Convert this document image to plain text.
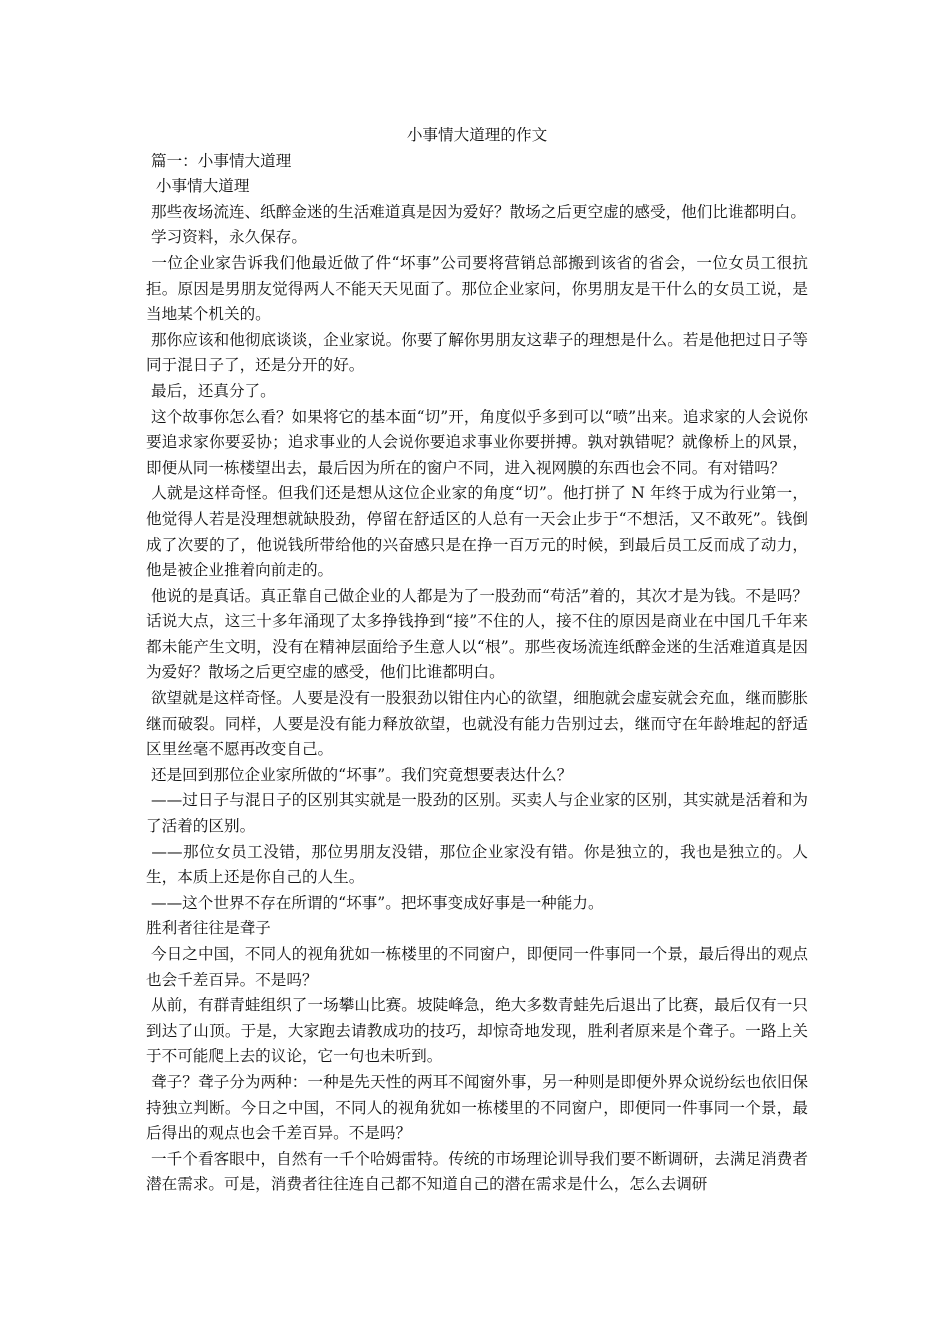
小事情大道理的作文

篇一：小事情大道理

小事情大道理

那些夜场流连、纸醉金迷的生活难道真是因为爱好？散场之后更空虚的感受，他们比谁都明白。

学习资料，永久保存。

一位企业家告诉我们他最近做了件“坏事”公司要将营销总部搬到该省的省会，一位女员工很抗拒。原因是男朋友觉得两人不能天天见面了。那位企业家问，你男朋友是干什么的女员工说，是当地某个机关的。

那你应该和他彻底谈谈，企业家说。你要了解你男朋友这辈子的理想是什么。若是他把过日子等同于混日子了，还是分开的好。

最后，还真分了。

这个故事你怎么看？如果将它的基本面“切”开，角度似乎多到可以“喷”出来。追求家的人会说你要追求家你要妥协；追求事业的人会说你要追求事业你要拼搏。孰对孰错呢？就像桥上的风景，即便从同一栋楼望出去，最后因为所在的窗户不同，进入视网膜的东西也会不同。有对错吗？

人就是这样奇怪。但我们还是想从这位企业家的角度“切”。他打拼了 N 年终于成为行业第一，他觉得人若是没理想就缺股劲，停留在舒适区的人总有一天会止步于“不想活，又不敢死”。钱倒成了次要的了，他说钱所带给他的兴奋感只是在挣一百万元的时候，到最后员工反而成了动力，他是被企业推着向前走的。

他说的是真话。真正靠自己做企业的人都是为了一股劲而“苟活”着的，其次才是为钱。不是吗？话说大点，这三十多年涌现了太多挣钱挣到“接”不住的人，接不住的原因是商业在中国几千年来都未能产生文明，没有在精神层面给予生意人以“根”。那些夜场流连纸醉金迷的生活难道真是因为爱好？散场之后更空虚的感受，他们比谁都明白。

欲望就是这样奇怪。人要是没有一股狠劲以钳住内心的欲望，细胞就会虚妄就会充血，继而膨胀继而破裂。同样，人要是没有能力释放欲望，也就没有能力告别过去，继而守在年龄堆起的舒适区里丝毫不愿再改变自己。

还是回到那位企业家所做的“坏事”。我们究竟想要表达什么？

——过日子与混日子的区别其实就是一股劲的区别。买卖人与企业家的区别，其实就是活着和为了活着的区别。

——那位女员工没错，那位男朋友没错，那位企业家没有错。你是独立的，我也是独立的。人生，本质上还是你自己的人生。

——这个世界不存在所谓的“坏事”。把坏事变成好事是一种能力。

胜利者往往是聋子

今日之中国，不同人的视角犹如一栋楼里的不同窗户，即便同一件事同一个景，最后得出的观点也会千差百异。不是吗？

从前，有群青蛙组织了一场攀山比赛。坡陡峰急，绝大多数青蛙先后退出了比赛，最后仅有一只到达了山顶。于是，大家跑去请教成功的技巧，却惊奇地发现，胜利者原来是个聋子。一路上关于不可能爬上去的议论，它一句也未听到。

聋子？聋子分为两种：一种是先天性的两耳不闻窗外事，另一种则是即便外界众说纷纭也依旧保持独立判断。今日之中国，不同人的视角犹如一栋楼里的不同窗户，即便同一件事同一个景，最后得出的观点也会千差百异。不是吗？

一千个看客眼中，自然有一千个哈姆雷特。传统的市场理论训导我们要不断调研，去满足消费者潜在需求。可是，消费者往往连自己都不知道自己的潜在需求是什么，怎么去调研
